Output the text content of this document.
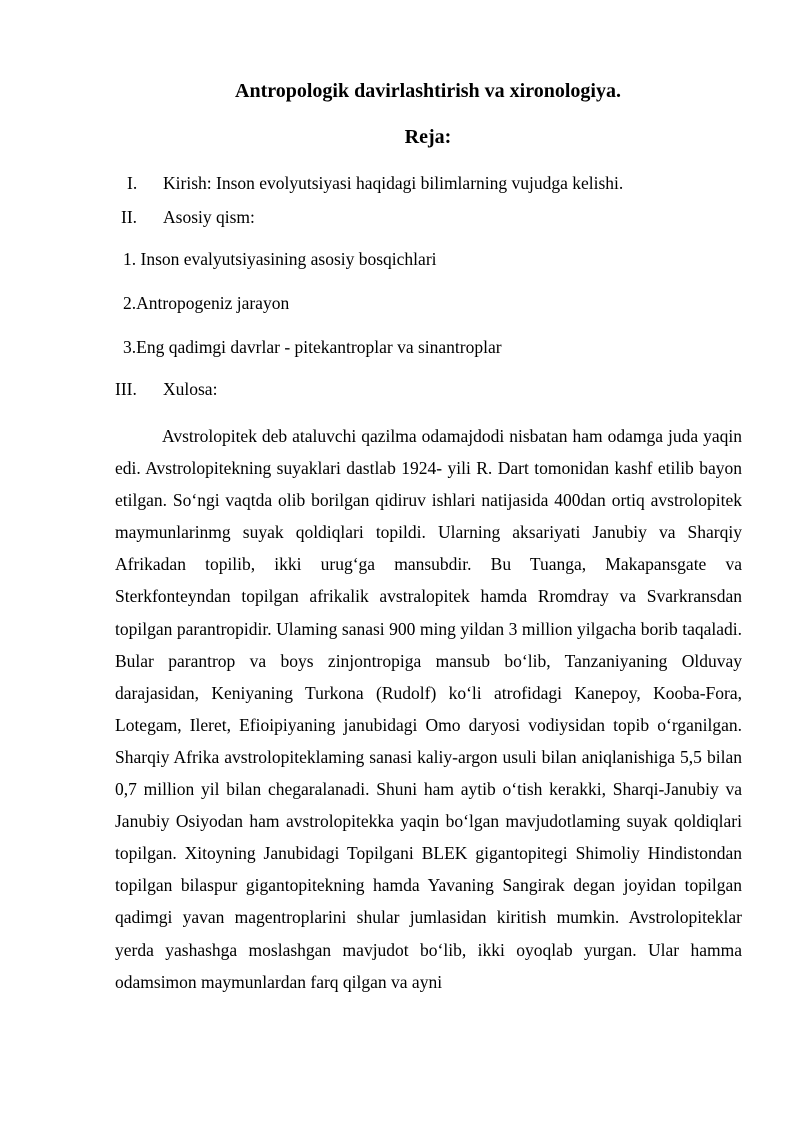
Antropologik davirlashtirish va xironologiya.
Reja:
I. Kirish: Inson evolyutsiyasi haqidagi bilimlarning vujudga kelishi.
II. Asosiy qism:
1. Inson evalyutsiyasining asosiy bosqichlari
2.Antropogeniz jarayon
3.Eng qadimgi davrlar - pitekantroplar va sinantroplar
III. Xulosa:

Avstrolopitek deb ataluvchi qazilma odamajdodi nisbatan ham odamga juda yaqin edi. Avstrolopitekning suyaklari dastlab 1924- yili R. Dart tomonidan kashf etilib bayon etilgan. So‘ngi vaqtda olib borilgan qidiruv ishlari natijasida 400dan ortiq avstrolopitek maymunlarinmg suyak qoldiqlari topildi. Ularning aksariyati Janubiy va Sharqiy Afrikadan topilib, ikki urug‘ga mansubdir. Bu Tuanga, Makapansgate va Sterkfonteyndan topilgan afrikalik avstralopitek hamda Rromdray va Svarkransdan topilgan parantropidir. Ulaming sanasi 900 ming yildan 3 million yilgacha borib taqaladi. Bular parantrop va boys zinjontropiga mansub bo‘lib, Tanzaniyaning Olduvay darajasidan, Keniyaning Turkona (Rudolf) ko‘li atrofidagi Kanepoy, Kooba-Fora, Lotegam, Ileret, Efioipiyaning janubidagi Omo daryosi vodiysidan topib o‘rganilgan. Sharqiy Afrika avstrolopiteklaming sanasi kaliy-argon usuli bilan aniqlanishiga 5,5 bilan 0,7 million yil bilan chegaralanadi. Shuni ham aytib o‘tish kerakki, Sharqi-Janubiy va Janubiy Osiyodan ham avstrolopitekka yaqin bo‘lgan mavjudotlaming suyak qoldiqlari topilgan. Xitoyning Janubidagi Topilgani BLEK gigantopitegi Shimoliy Hindistondan topilgan bilaspur gigantopitekning hamda Yavaning Sangirak degan joyidan topilgan qadimgi yavan magentroplarini shular jumlasidan kiritish mumkin. Avstrolopiteklar yerda yashashga moslashgan mavjudot bo‘lib, ikki oyoqlab yurgan. Ular hamma odamsimon maymunlardan farq qilgan va ayni
